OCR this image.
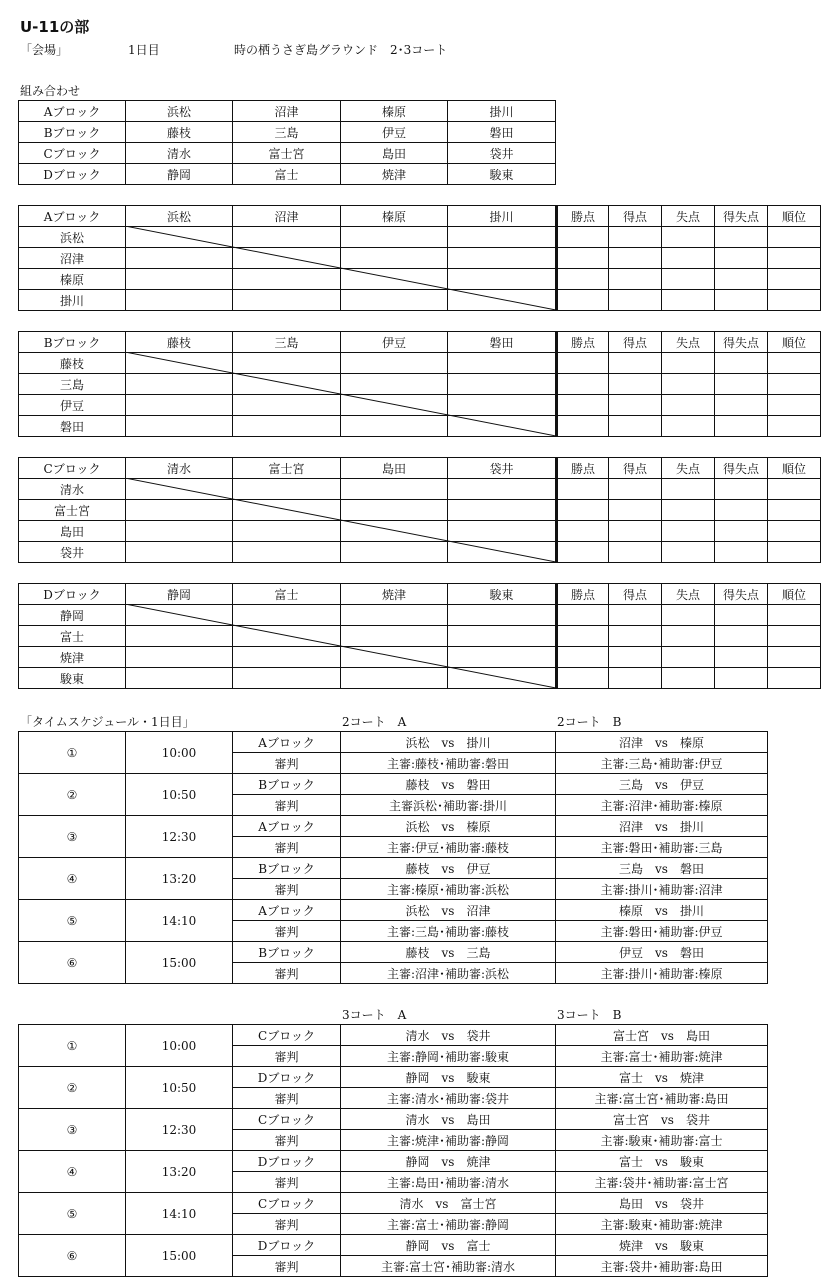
U-11の部
「会場」	1日目	時の栖うさぎ島グラウンド　2･3コート
組み合わせ
Aブロック	浜松	沼津	榛原	掛川
Bブロック	藤枝	三島	伊豆	磐田
Cブロック	清水	富士宮	島田	袋井
Dブロック	静岡	富士	焼津	駿東
Aブロック	浜松	沼津	榛原	掛川	勝点	得点	失点	得失点	順位
浜松									
沼津									
榛原									
掛川									
Bブロック	藤枝	三島	伊豆	磐田	勝点	得点	失点	得失点	順位
藤枝									
三島									
伊豆									
磐田									
Cブロック	清水	富士宮	島田	袋井	勝点	得点	失点	得失点	順位
清水									
富士宮									
島田									
袋井									
Dブロック	静岡	富士	焼津	駿東	勝点	得点	失点	得失点	順位
静岡									
富士									
焼津									
駿東									
「タイムスケジュール・1日目」	2コート　A	2コート　B
①	10:00	Aブロック	浜松　vs　掛川	沼津　vs　榛原
		審判	主審:藤枝･補助審:磐田	主審:三島･補助審:伊豆
②	10:50	Bブロック	藤枝　vs　磐田	三島　vs　伊豆
		審判	主審浜松･補助審:掛川	主審:沼津･補助審:榛原
③	12:30	Aブロック	浜松　vs　榛原	沼津　vs　掛川
		審判	主審:伊豆･補助審:藤枝	主審:磐田･補助審:三島
④	13:20	Bブロック	藤枝　vs　伊豆	三島　vs　磐田
		審判	主審:榛原･補助審:浜松	主審:掛川･補助審:沼津
⑤	14:10	Aブロック	浜松　vs　沼津	榛原　vs　掛川
		審判	主審:三島･補助審:藤枝	主審:磐田･補助審:伊豆
⑥	15:00	Bブロック	藤枝　vs　三島	伊豆　vs　磐田
		審判	主審:沼津･補助審:浜松	主審:掛川･補助審:榛原
3コート　A	3コート　B
①	10:00	Cブロック	清水　vs　袋井	富士宮　vs　島田
		審判	主審:静岡･補助審:駿東	主審:富士･補助審:焼津
②	10:50	Dブロック	静岡　vs　駿東	富士　vs　焼津
		審判	主審:清水･補助審:袋井	主審:富士宮･補助審:島田
③	12:30	Cブロック	清水　vs　島田	富士宮　vs　袋井
		審判	主審:焼津･補助審:静岡	主審:駿東･補助審:富士
④	13:20	Dブロック	静岡　vs　焼津	富士　vs　駿東
		審判	主審:島田･補助審:清水	主審:袋井･補助審:富士宮
⑤	14:10	Cブロック	清水　vs　富士宮	島田　vs　袋井
		審判	主審:富士･補助審:静岡	主審:駿東･補助審:焼津
⑥	15:00	Dブロック	静岡　vs　富士	焼津　vs　駿東
		審判	主審:富士宮･補助審:清水	主審:袋井･補助審:島田
